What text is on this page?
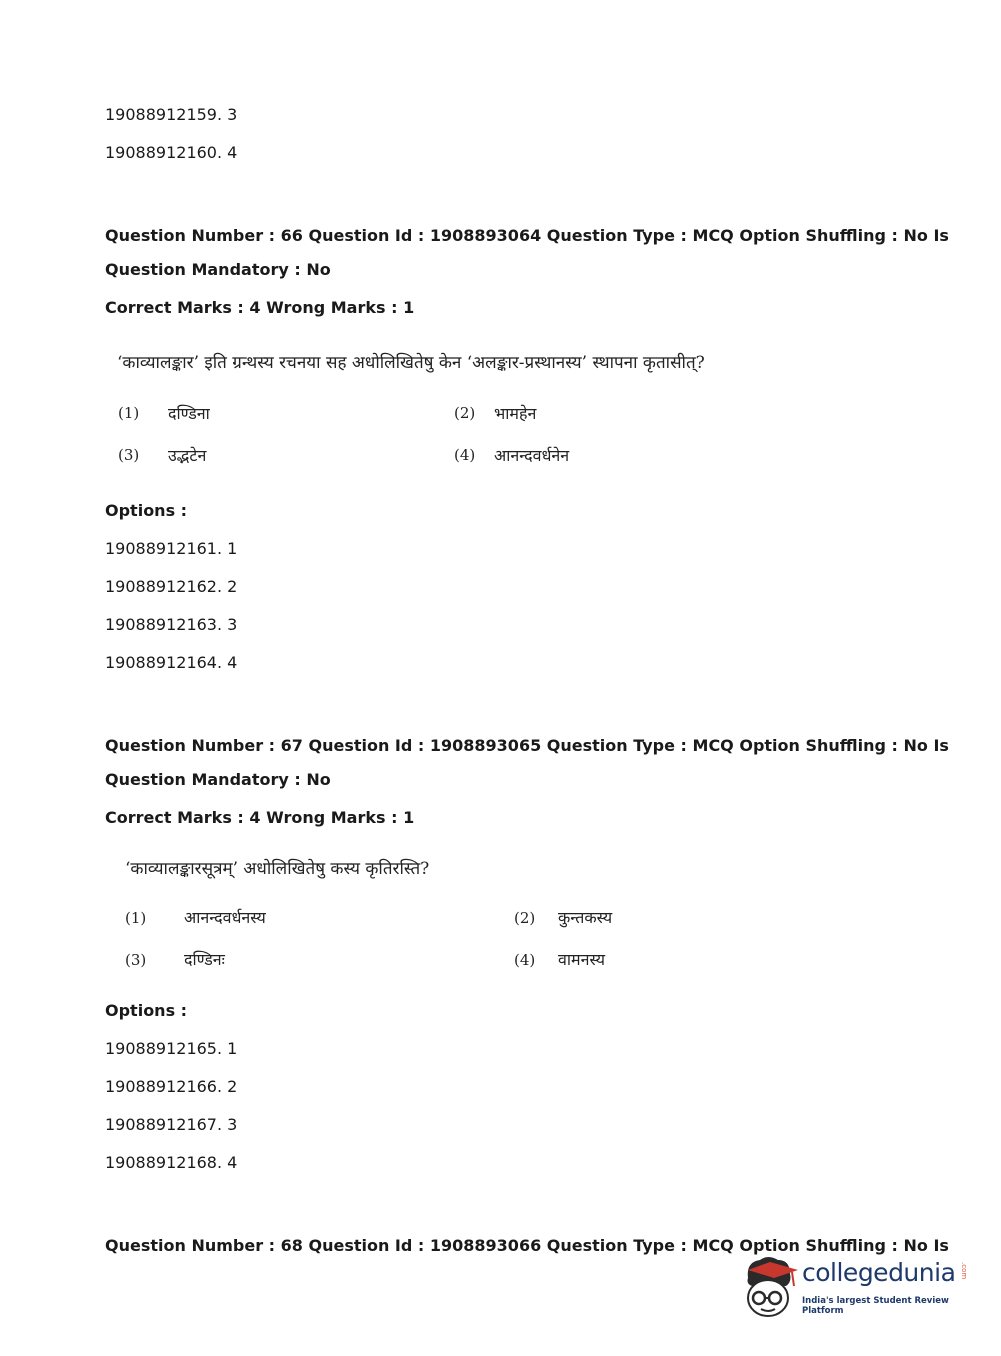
19088912159. 3
19088912160. 4
Question Number : 66 Question Id : 1908893064 Question Type : MCQ Option Shuffling : No Is
Question Mandatory : No
Correct Marks : 4 Wrong Marks : 1
‘काव्यालङ्कार’ इति ग्रन्थस्य रचनया सह अधोलिखितेषु केन ‘अलङ्कार-प्रस्थानस्य’ स्थापना कृतासीत्?
(1) दण्डिना	(2) भामहेन
(3) उद्भटेन	(4) आनन्दवर्धनेन
Options :
19088912161. 1
19088912162. 2
19088912163. 3
19088912164. 4
Question Number : 67 Question Id : 1908893065 Question Type : MCQ Option Shuffling : No Is
Question Mandatory : No
Correct Marks : 4 Wrong Marks : 1
‘काव्यालङ्कारसूत्रम्’ अधोलिखितेषु कस्य कृतिरस्ति?
(1) आनन्दवर्धनस्य	(2) कुन्तकस्य
(3) दण्डिनः	(4) वामनस्य
Options :
19088912165. 1
19088912166. 2
19088912167. 3
19088912168. 4
Question Number : 68 Question Id : 1908893066 Question Type : MCQ Option Shuffling : No Is
collegedunia .com
India's largest Student Review Platform
